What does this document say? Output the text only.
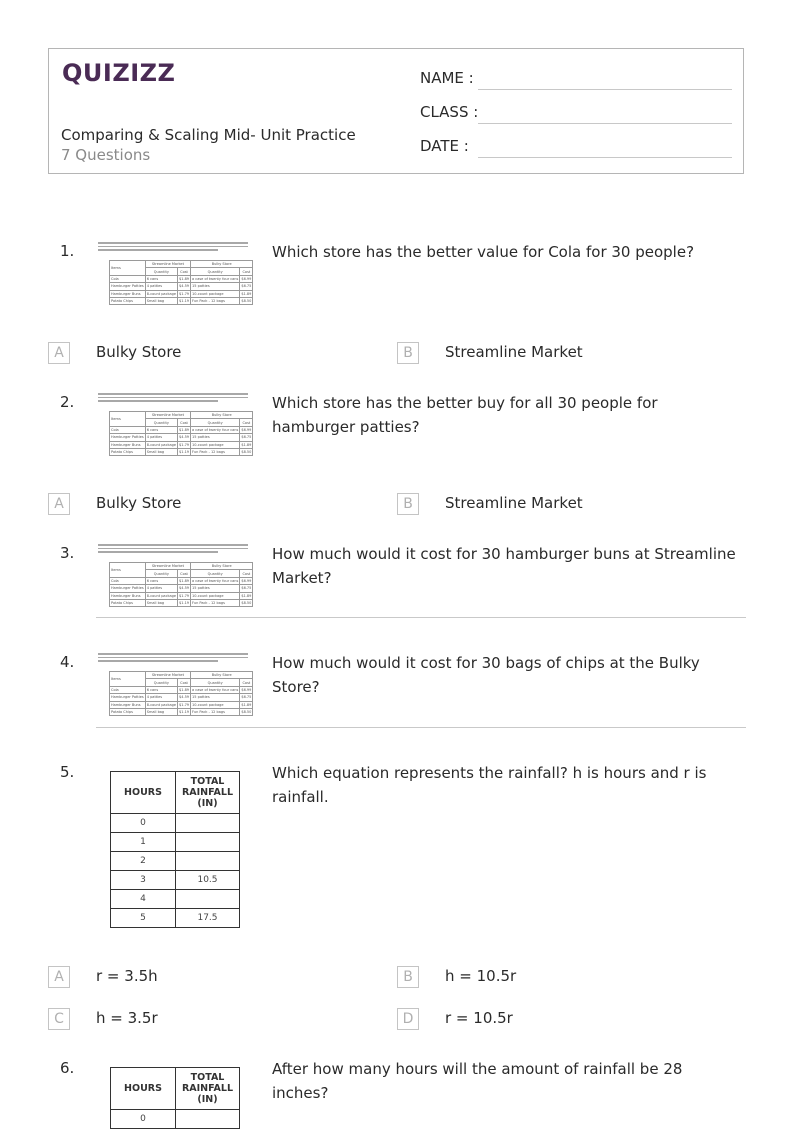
QUIZIZZ
Comparing & Scaling Mid- Unit Practice
7 Questions
NAME :
CLASS :
DATE :
1.
Items	Streamline Market		Bulky Store	
	Quantity	Cost	Quantity	Cost
Cola	6 cans	$1.89	a case of twenty four cans	$6.99
Hamburger Patties	4 patties	$4.59	15 patties	$6.75
Hamburger Buns	8-count package	$1.79	10-count package	$1.89
Potato Chips	Small bag	$1.19	Fun Pack - 12 bags	$8.50
Which store has the better value for Cola for 30 people?
A	Bulky Store	B	Streamline Market
2.
Items	Streamline Market		Bulky Store	
	Quantity	Cost	Quantity	Cost
Cola	6 cans	$1.89	a case of twenty four cans	$6.99
Hamburger Patties	4 patties	$4.59	15 patties	$6.75
Hamburger Buns	8-count package	$1.79	10-count package	$1.89
Potato Chips	Small bag	$1.19	Fun Pack - 12 bags	$8.50
Which store has the better buy for all 30 people for hamburger patties?
A	Bulky Store	B	Streamline Market
3.
Items	Streamline Market		Bulky Store	
	Quantity	Cost	Quantity	Cost
Cola	6 cans	$1.89	a case of twenty four cans	$6.99
Hamburger Patties	4 patties	$4.59	15 patties	$6.75
Hamburger Buns	8-count package	$1.79	10-count package	$1.89
Potato Chips	Small bag	$1.19	Fun Pack - 12 bags	$8.50
How much would it cost for 30 hamburger buns at Streamline Market?
4.
Items	Streamline Market		Bulky Store	
	Quantity	Cost	Quantity	Cost
Cola	6 cans	$1.89	a case of twenty four cans	$6.99
Hamburger Patties	4 patties	$4.59	15 patties	$6.75
Hamburger Buns	8-count package	$1.79	10-count package	$1.89
Potato Chips	Small bag	$1.19	Fun Pack - 12 bags	$8.50
How much would it cost for 30 bags of chips at the Bulky Store?
5.
HOURS	TOTAL
RAINFALL
(IN)

0	
1	
2	
3	10.5
4	
5	17.5
Which equation represents the rainfall? h is hours and r is rainfall.
A	r = 3.5h	B	h = 10.5r
C	h = 3.5r	D	r = 10.5r
6.
HOURS	TOTAL
RAINFALL
(IN)

0	
After how many hours will the amount of rainfall be 28 inches?
